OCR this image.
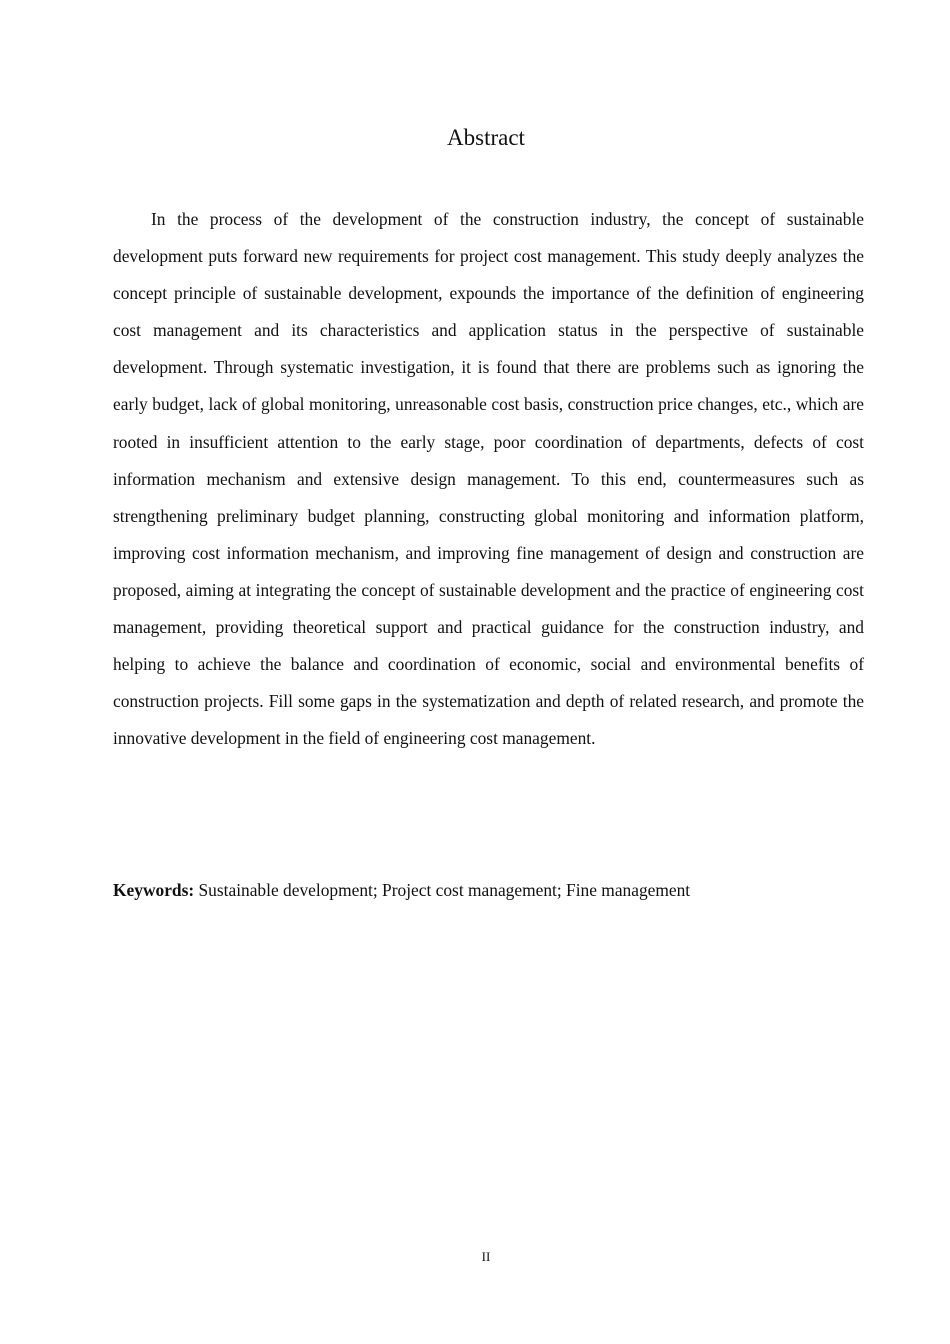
Abstract

In the process of the development of the construction industry, the concept of sustainable development puts forward new requirements for project cost management. This study deeply analyzes the concept principle of sustainable development, expounds the importance of the definition of engineering cost management and its characteristics and application status in the perspective of sustainable development. Through systematic investigation, it is found that there are problems such as ignoring the early budget, lack of global monitoring, unreasonable cost basis, construction price changes, etc., which are rooted in insufficient attention to the early stage, poor coordination of departments, defects of cost information mechanism and extensive design management. To this end, countermeasures such as strengthening preliminary budget planning, constructing global monitoring and information platform, improving cost information mechanism, and improving fine management of design and construction are proposed, aiming at integrating the concept of sustainable development and the practice of engineering cost management, providing theoretical support and practical guidance for the construction industry, and helping to achieve the balance and coordination of economic, social and environmental benefits of construction projects. Fill some gaps in the systematization and depth of related research, and promote the innovative development in the field of engineering cost management.

Keywords: Sustainable development; Project cost management; Fine management
II
